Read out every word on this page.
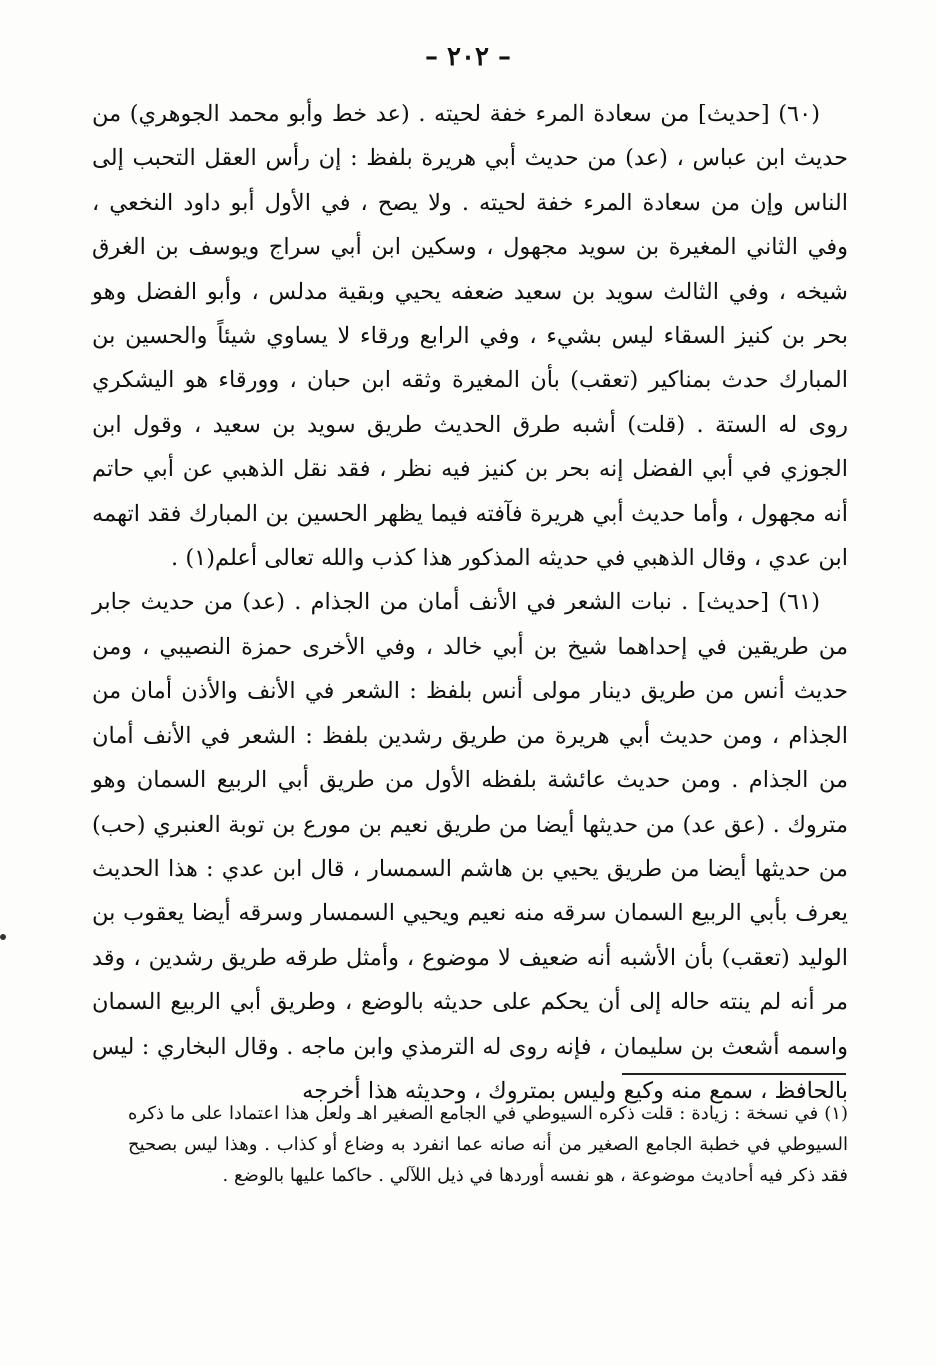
– ٢٠٢ –

(٦٠) [حديث] من سعادة المرء خفة لحيته . (عد خط وأبو محمد الجوهري) من حديث ابن عباس ، (عد) من حديث أبي هريرة بلفظ : إن رأس العقل التحبب إلى الناس وإن من سعادة المرء خفة لحيته . ولا يصح ، في الأول أبو داود النخعي ، وفي الثاني المغيرة بن سويد مجهول ، وسكين ابن أبي سراج ويوسف بن الغرق شيخه ، وفي الثالث سويد بن سعيد ضعفه يحيي وبقية مدلس ، وأبو الفضل وهو بحر بن كنيز السقاء ليس بشيء ، وفي الرابع ورقاء لا يساوي شيئاً والحسين بن المبارك حدث بمناكير (تعقب) بأن المغيرة وثقه ابن حبان ، وورقاء هو اليشكري روى له الستة . (قلت) أشبه طرق الحديث طريق سويد بن سعيد ، وقول ابن الجوزي في أبي الفضل إنه بحر بن كنيز فيه نظر ، فقد نقل الذهبي عن أبي حاتم أنه مجهول ، وأما حديث أبي هريرة فآفته فيما يظهر الحسين بن المبارك فقد اتهمه ابن عدي ، وقال الذهبي في حديثه المذكور هذا كذب والله تعالى أعلم(١) .

(٦١) [حديث] . نبات الشعر في الأنف أمان من الجذام . (عد) من حديث جابر من طريقين في إحداهما شيخ بن أبي خالد ، وفي الأخرى حمزة النصيبي ، ومن حديث أنس من طريق دينار مولى أنس بلفظ : الشعر في الأنف والأذن أمان من الجذام ، ومن حديث أبي هريرة من طريق رشدين بلفظ : الشعر في الأنف أمان من الجذام . ومن حديث عائشة بلفظه الأول من طريق أبي الربيع السمان وهو متروك . (عق عد) من حديثها أيضا من طريق نعيم بن مورع بن توبة العنبري (حب) من حديثها أيضا من طريق يحيي بن هاشم السمسار ، قال ابن عدي : هذا الحديث يعرف بأبي الربيع السمان سرقه منه نعيم ويحيي السمسار وسرقه أيضا يعقوب بن الوليد (تعقب) بأن الأشبه أنه ضعيف لا موضوع ، وأمثل طرقه طريق رشدين ، وقد مر أنه لم ينته حاله إلى أن يحكم على حديثه بالوضع ، وطريق أبي الربيع السمان واسمه أشعث بن سليمان ، فإنه روى له الترمذي وابن ماجه . وقال البخاري : ليس بالحافظ ، سمع منه وكيع وليس بمتروك ، وحديثه هذا أخرجه

(١) في نسخة : زيادة : قلت ذكره السيوطي في الجامع الصغير اهـ ولعل هذا اعتمادا على ما ذكره السيوطي في خطبة الجامع الصغير من أنه صانه عما انفرد به وضاع أو كذاب . وهذا ليس بصحيح فقد ذكر فيه أحاديث موضوعة ، هو نفسه أوردها في ذيل اللآلي . حاكما عليها بالوضع .
